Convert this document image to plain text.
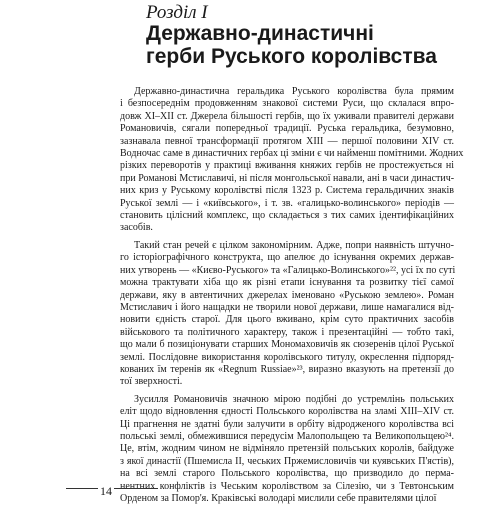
Розділ I
Державно-династичні
герби Руського королівства
Державно-династична геральдика Руського королівства була прямим
і безпосереднім продовженням знакової системи Руси, що склалася впро-
довж XI–XII ст. Джерела більшості гербів, що їх уживали правителі держави
Романовичів, сягали попередньої традиції. Руська геральдика, безумовно,
зазнавала певної трансформації протягом XIII — першої половини XIV ст.
Водночас саме в династичних гербах ці зміни є чи найменш помітними. Жодних
різких переворотів у практиці вживання княжих гербів не простежується ні
при Романові Мстиславичі, ні після монгольської навали, ані в часи династич-
них криз у Руському королівстві після 1323 р. Система геральдичних знаків
Руської землі — і «київського», і т. зв. «галицько-волинського» періодів —
становить цілісний комплекс, що складається з тих самих ідентифікаційних
засобів.
Такий стан речей є цілком закономірним. Адже, попри наявність штучно-
го історіографічного конструкта, що апелює до існування окремих держав-
них утворень — «Києво-Руського» та «Галицько-Волинського»²², усі їх по суті
можна трактувати хіба що як різні етапи існування та розвитку тієї самої
держави, яку в автентичних джерелах іменовано «Руською землею». Роман
Мстиславич і його нащадки не творили нової держави, лише намагалися від-
новити єдність старої. Для цього вживано, крім суто практичних засобів
військового та політичного характеру, також і презентаційні — тобто такі,
що мали б позиціонувати старших Мономаховичів як сюзеренів цілої Руської
землі. Послідовне використання королівського титулу, окреслення підпоряд-
кованих їм теренів як «Regnum Russiae»²³, виразно вказують на претензії до
тої зверхності.
Зусилля Романовичів значною мірою подібні до устремлінь польських
еліт щодо відновлення єдності Польського королівства на зламі XIII–XIV ст.
Ці прагнення не здатні були залучити в орбіту відродженого королівства всі
польські землі, обмежившися передусім Малопольщею та Великопольщею²⁴.
Це, втім, жодним чином не відміняло претензій польських королів, байдуже
з якої династії (Пшемисла II, чеських Пржемисловичів чи куявських П'ястів),
на всі землі старого Польського королівства, що призводило до перма-
нентних конфліктів із Чеським королівством за Сілезію, чи з Тевтонським
Орденом за Помор'я. Краківські володарі мислили себе правителями цілої
14
